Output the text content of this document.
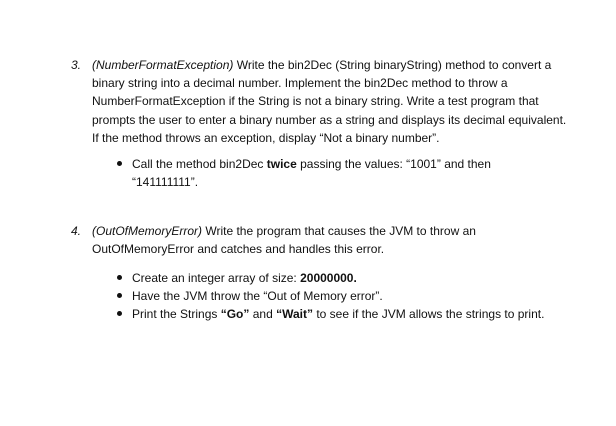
3. (NumberFormatException) Write the bin2Dec (String binaryString) method to convert a binary string into a decimal number. Implement the bin2Dec method to throw a NumberFormatException if the String is not a binary string. Write a test program that prompts the user to enter a binary number as a string and displays its decimal equivalent. If the method throws an exception, display “Not a binary number”.
Call the method bin2Dec twice passing the values: “1001” and then “141111111”.
4. (OutOfMemoryError) Write the program that causes the JVM to throw an OutOfMemoryError and catches and handles this error.
Create an integer array of size: 20000000.
Have the JVM throw the “Out of Memory error”.
Print the Strings “Go” and “Wait” to see if the JVM allows the strings to print.
